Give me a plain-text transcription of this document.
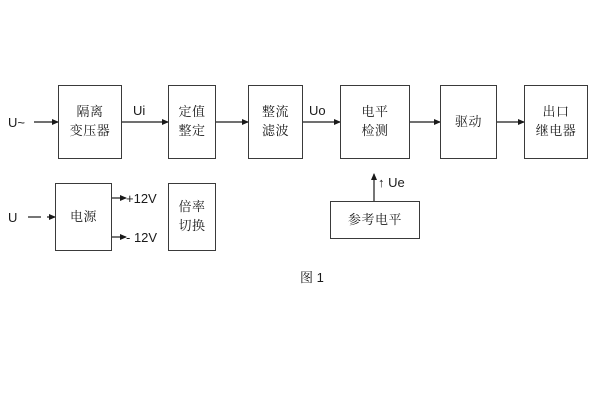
隔离
变压器
定值
整定
整流
滤波
电平
检测
驱动
出口
继电器
电源
倍率
切换	参考电平
U~
U
Ui	Uo
↑ Ue
+12V
- 12V
图 1
